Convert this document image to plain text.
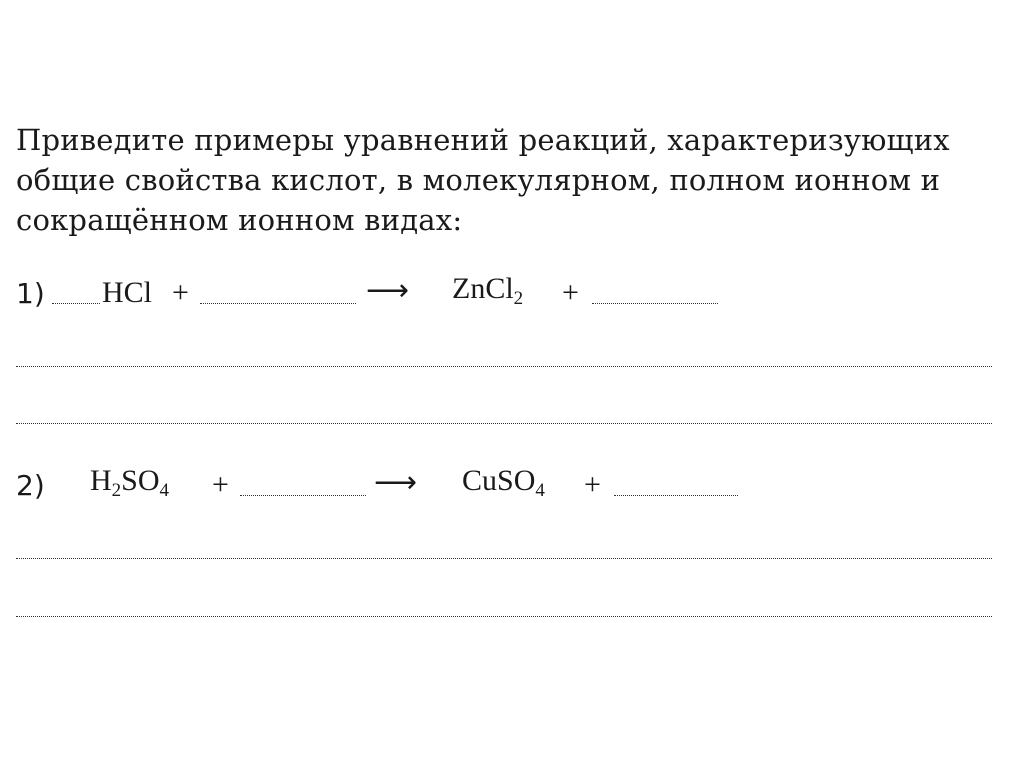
Приведите примеры уравнений реакций, характеризующих
общие свойства кислот, в молекулярном, полном ионном и
сокращённом ионном видах:
1) HCl +	⟶ ZnCl$_2$ +
2) $H_2SO_4$ +	⟶ CuSO$_4$ +
